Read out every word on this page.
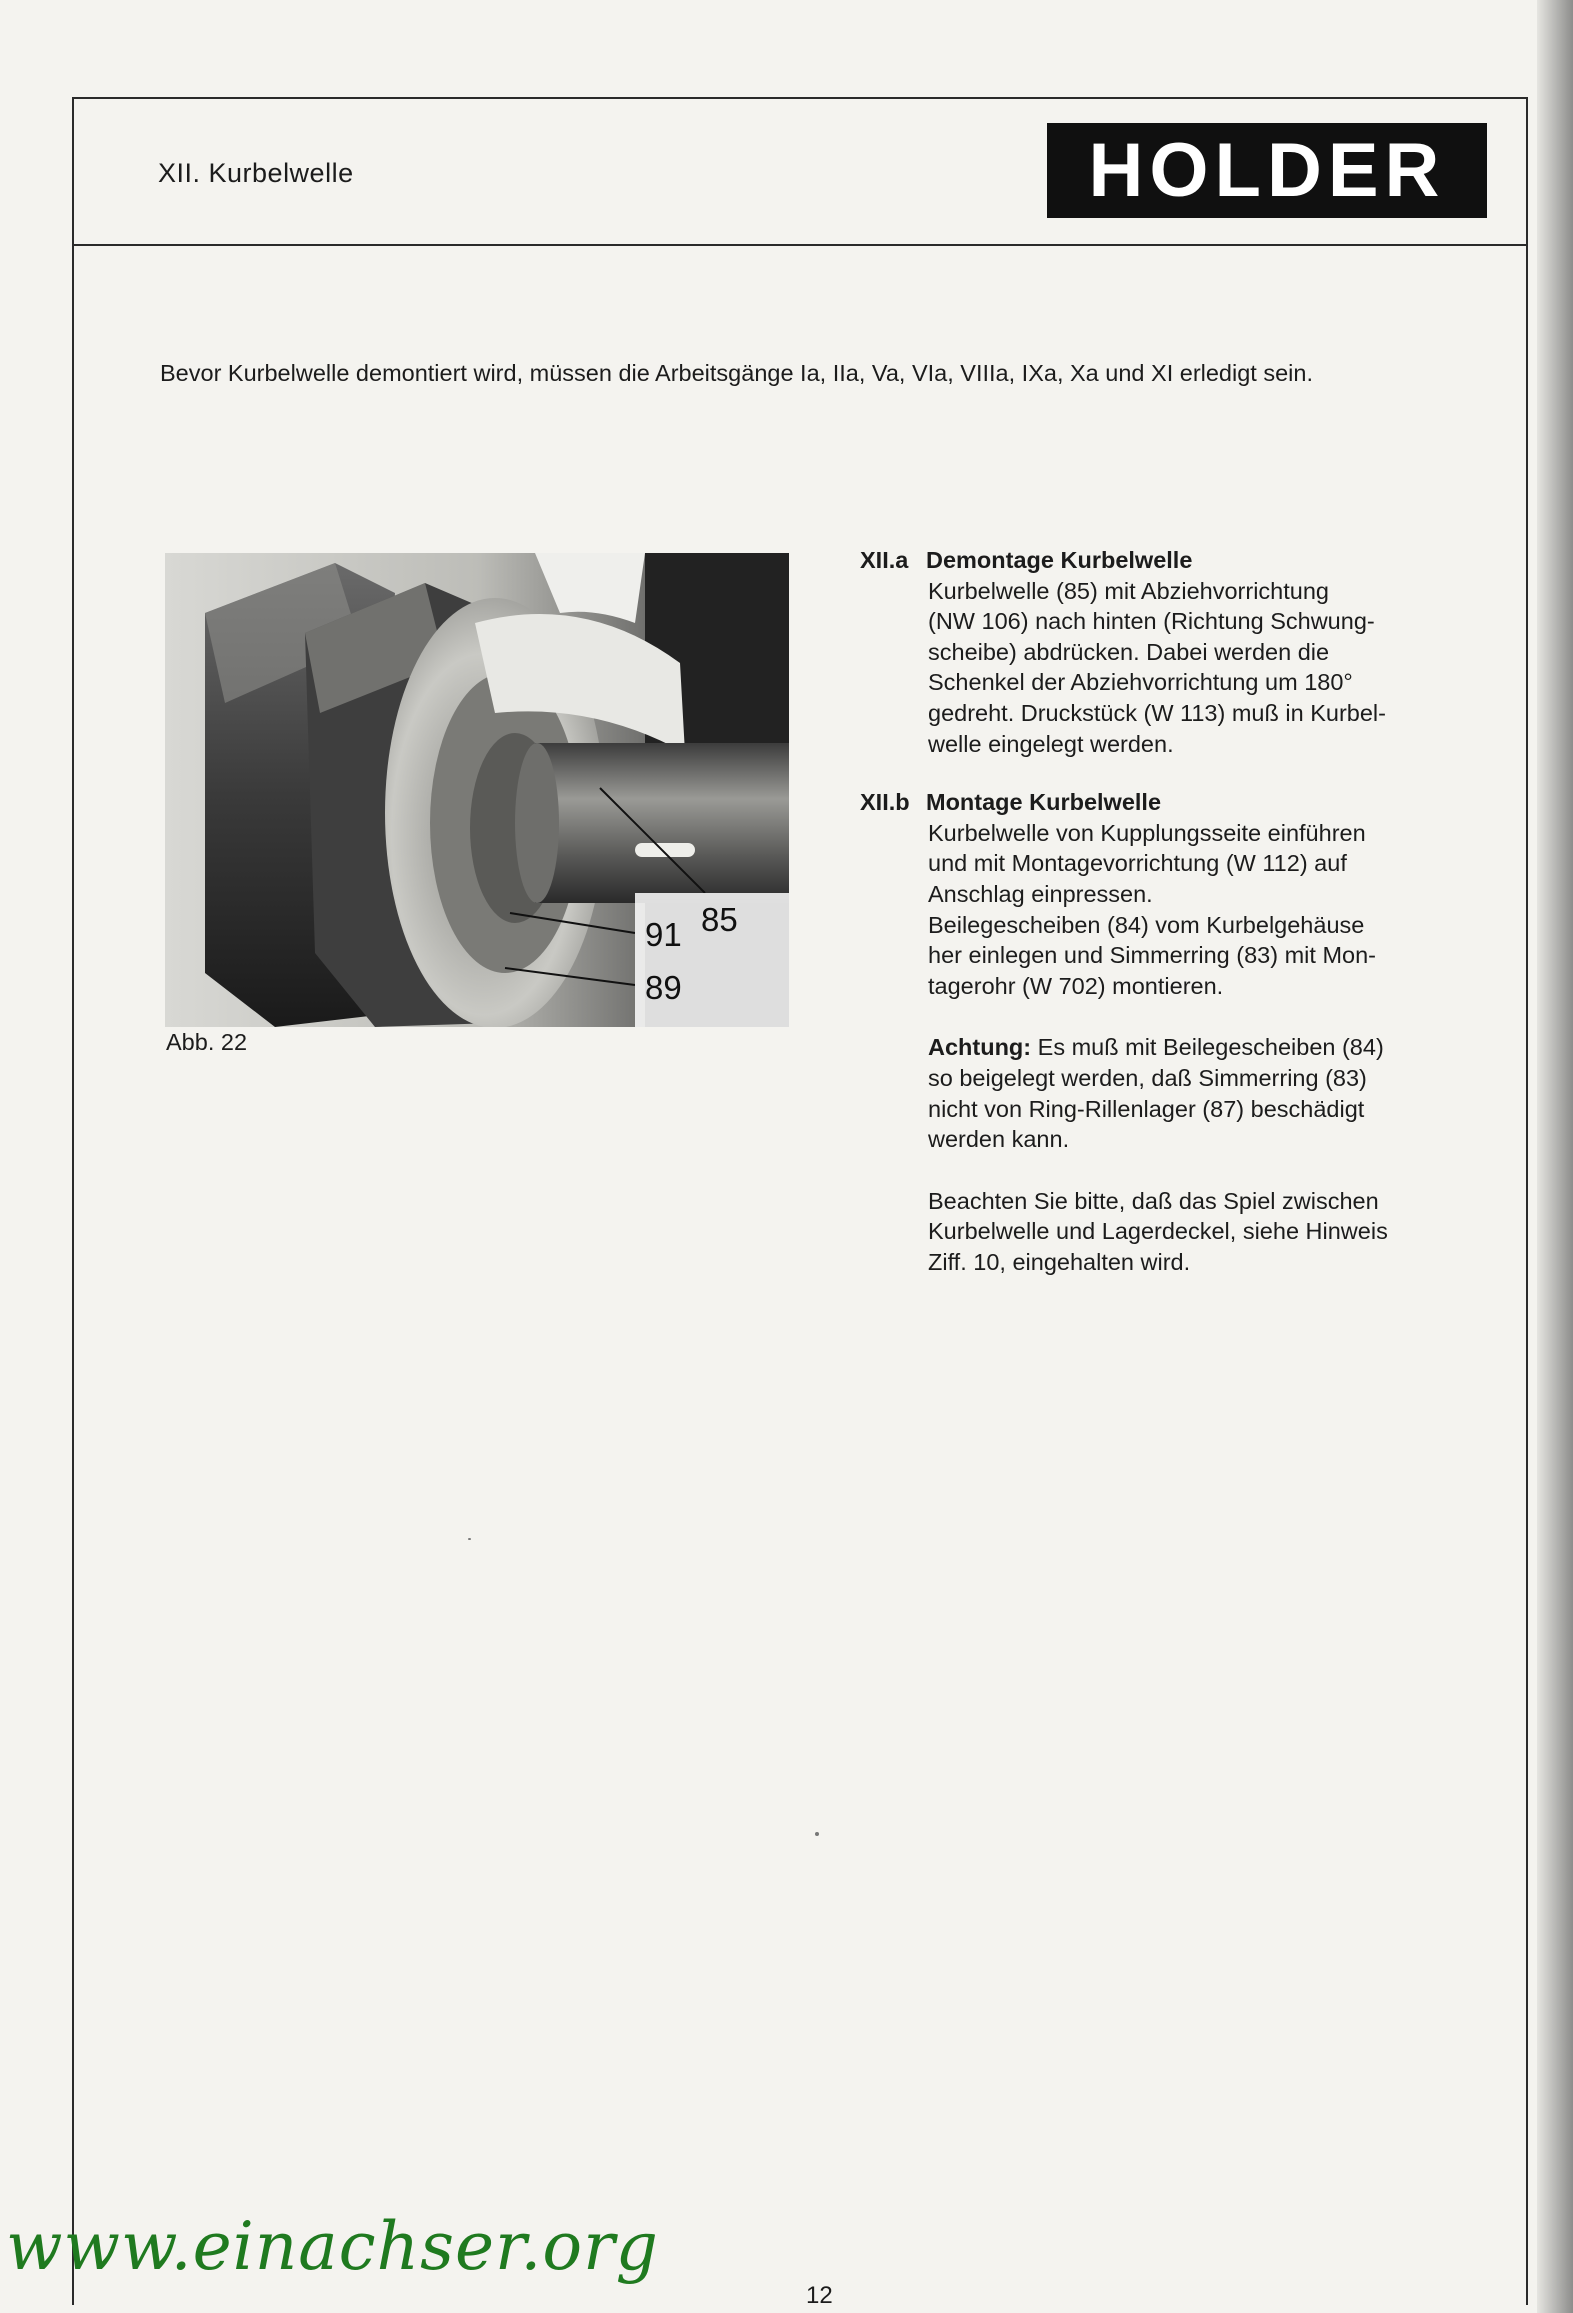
XII. Kurbelwelle	HOLDER
Bevor Kurbelwelle demontiert wird, müssen die Arbeitsgänge Ia, IIa, Va, VIa, VIIIa, IXa, Xa und XI erledigt sein.
85
91
89
Abb. 22
XII.a Demontage Kurbelwelle
Kurbelwelle (85) mit Abziehvorrichtung
(NW 106) nach hinten (Richtung Schwung-
scheibe) abdrücken. Dabei werden die
Schenkel der Abziehvorrichtung um 180°
gedreht. Druckstück (W 113) muß in Kurbel-
welle eingelegt werden.
XII.b Montage Kurbelwelle
Kurbelwelle von Kupplungsseite einführen
und mit Montagevorrichtung (W 112) auf
Anschlag einpressen.
Beilegescheiben (84) vom Kurbelgehäuse
her einlegen und Simmerring (83) mit Mon-
tagerohr (W 702) montieren.
Achtung: Es muß mit Beilegescheiben (84)
so beigelegt werden, daß Simmerring (83)
nicht von Ring-Rillenlager (87) beschädigt
werden kann.
Beachten Sie bitte, daß das Spiel zwischen
Kurbelwelle und Lagerdeckel, siehe Hinweis
Ziff. 10, eingehalten wird.
www.einachser.org
12
